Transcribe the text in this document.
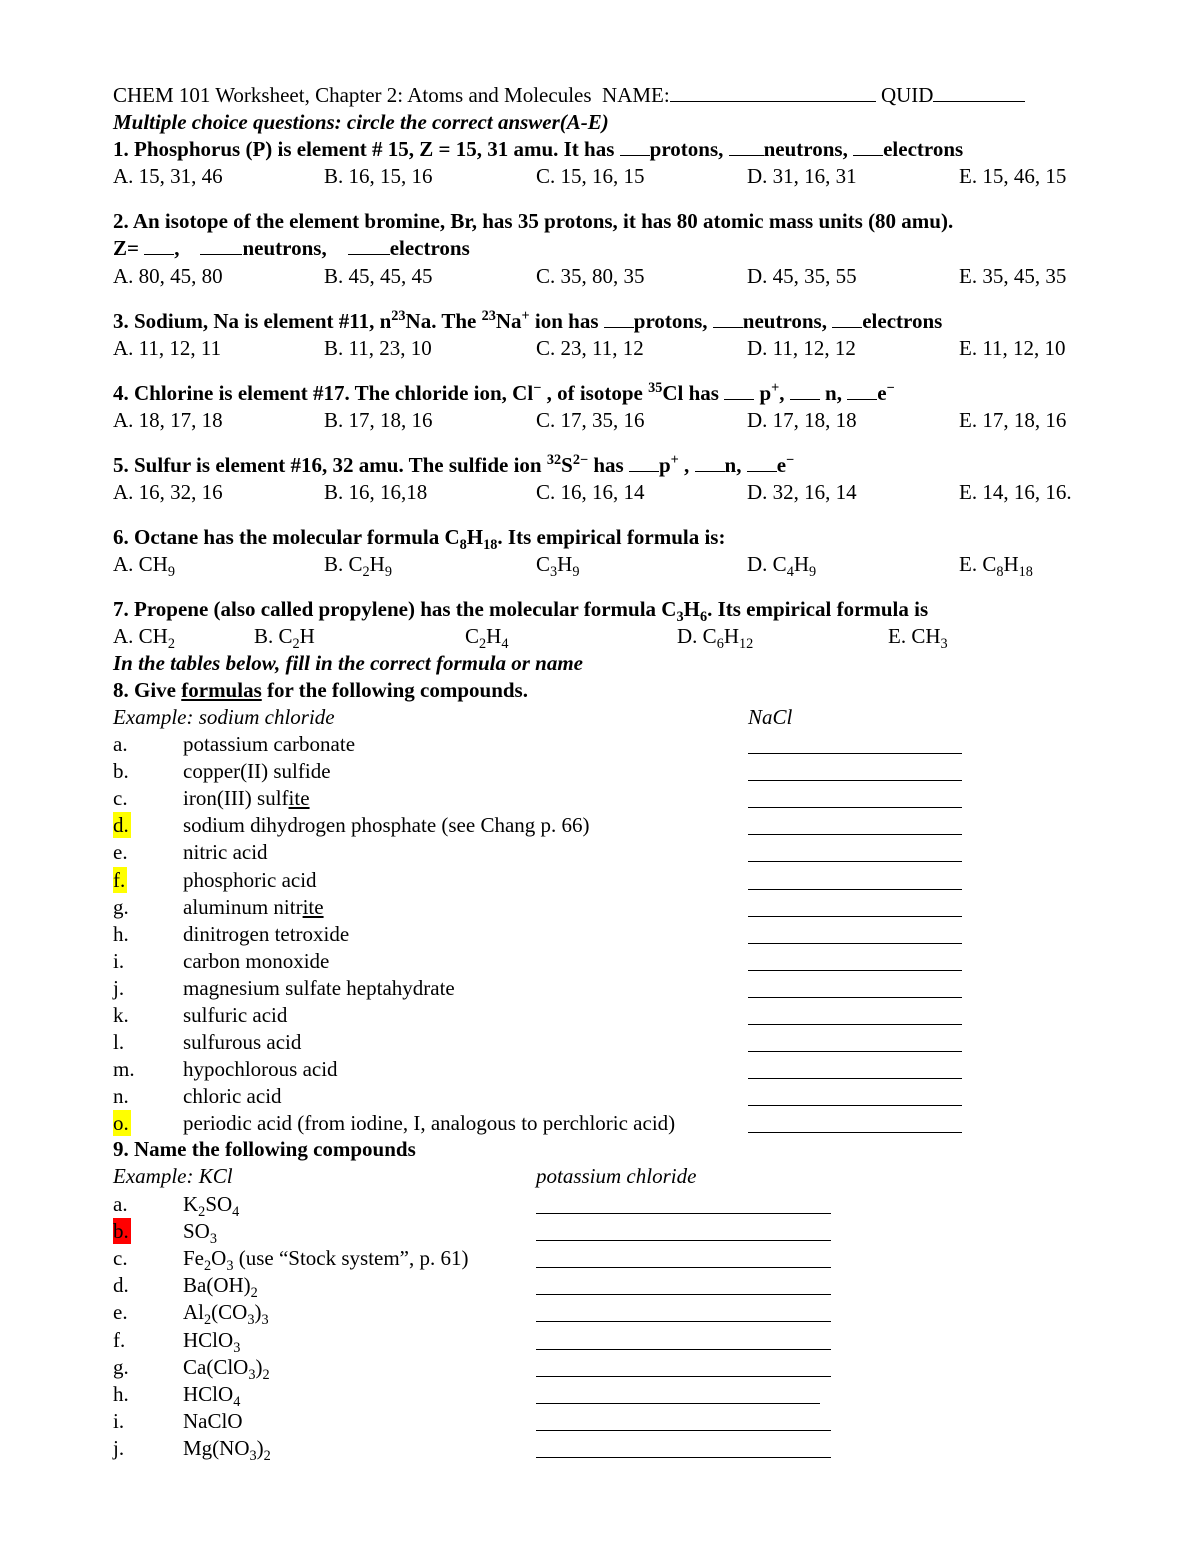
CHEM 101 Worksheet, Chapter 2: Atoms and Molecules NAME:	QUID
Multiple choice questions: circle the correct answer(A-E)
1. Phosphorus (P) is element # 15, Z = 15, 31 amu. It has protons, neutrons, electrons
A. 15, 31, 46	B. 16, 15, 16	C. 15, 16, 15	D. 31, 16, 31	E. 15, 46, 15
2. An isotope of the element bromine, Br, has 35 protons, it has 80 atomic mass units (80 amu).
Z= ,	neutrons,	electrons
A. 80, 45, 80	B. 45, 45, 45	C. 35, 80, 35	D. 45, 35, 55	E. 35, 45, 35
3. Sodium, Na is element #11, $n^{23}Na$. The $^{23}$Na+ ion has protons, neutrons, electrons
A. 11, 12, 11	B. 11, 23, 10	C. 23, 11, 12	D. 11, 12, 12	E. 11, 12, 10
4. Chlorine is element #17. The chloride ion, Cl− , of isotope $^{35}$Cl has  p+,  n, e−
A. 18, 17, 18	B. 17, 18, 16	C. 17, 35, 16	D. 17, 18, 18	E. 17, 18, 16
5. Sulfur is element #16, 32 amu. The sulfide ion $^{32}S^{2-}$ has p+ , n, e−
A. 16, 32, 16	B. 16, 16,18	C. 16, 16, 14	D. 32, 16, 14	E. 14, 16, 16.
6. Octane has the molecular formula $C_8H_{18}$. Its empirical formula is:
A. $CH_9$	B. $C_2H_9$	$C_3H_9$	D. $C_4H_9$	E. $C_8H_{18}$
7. Propene (also called propylene) has the molecular formula $C_3H_6$. Its empirical formula is
A. $CH_2$	B. $C_2H$	$C_2H_4$	D. $C_6H_{12}$	E. $CH_3$
In the tables below, fill in the correct formula or name
8. Give formulas for the following compounds.
Example: sodium chloride	NaCl
a.	potassium carbonate
b.	copper(II) sulfide
c.	iron(III) sulfite
d.	sodium dihydrogen phosphate (see Chang p. 66)
e.	nitric acid
f.	phosphoric acid
g.	aluminum nitrite
h.	dinitrogen tetroxide
i.	carbon monoxide
j.	magnesium sulfate heptahydrate
k.	sulfuric acid
l.	sulfurous acid
m. hypochlorous acid
n.	chloric acid
o.	periodic acid (from iodine, I, analogous to perchloric acid)
9. Name the following compounds
Example: KCl	potassium chloride
a.	$K_2SO_4$
b.	$SO_3$
c.	$Fe_2O_3$ (use “Stock system”, p. 61)
d.	$Ba(OH)_2$
e.	$Al_2(CO_3)_3$
f.	HClO$_3$
g.	$Ca(ClO_3)_2$
h.	HClO$_4$
i.	NaClO
j.	$Mg(NO_3)_2$
